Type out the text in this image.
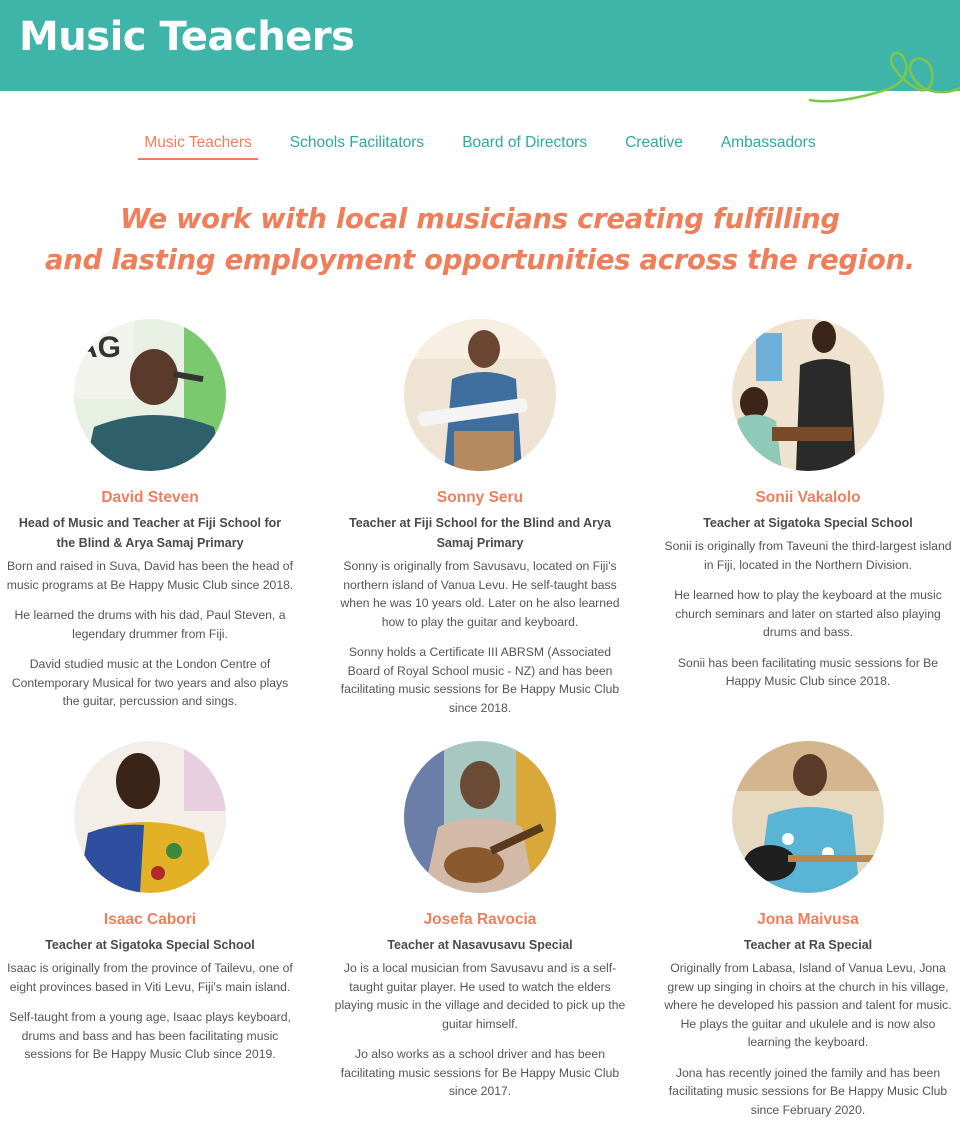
Music Teachers
Music Teachers	Schools Facilitators	Board of Directors	Creative	Ambassadors
We work with local musicians creating fulfilling
and lasting employment opportunities across the region.
AG
David Steven
Head of Music and Teacher at Fiji School for the Blind & Arya Samaj Primary
Born and raised in Suva, David has been the head of music programs at Be Happy Music Club since 2018.
He learned the drums with his dad, Paul Steven, a legendary drummer from Fiji.
David studied music at the London Centre of Contemporary Musical for two years and also plays the guitar, percussion and sings.
Sonny Seru
Teacher at Fiji School for the Blind and Arya Samaj Primary
Sonny is originally from Savusavu, located on Fiji's northern island of Vanua Levu. He self-taught bass when he was 10 years old. Later on he also learned how to play the guitar and keyboard.
Sonny holds a Certificate III ABRSM (Associated Board of Royal School music - NZ) and has been facilitating music sessions for Be Happy Music Club since 2018.
Sonii Vakalolo
Teacher at Sigatoka Special School
Sonii is originally from Taveuni the third-largest island in Fiji, located in the Northern Division.
He learned how to play the keyboard at the music church seminars and later on started also playing drums and bass.
Sonii has been facilitating music sessions for Be Happy Music Club since 2018.
Isaac Cabori
Teacher at Sigatoka Special School
Isaac is originally from the province of Tailevu, one of eight provinces based in Viti Levu, Fiji's main island.
Self-taught from a young age, Isaac plays keyboard, drums and bass and has been facilitating music sessions for Be Happy Music Club since 2019.
Josefa Ravocia
Teacher at Nasavusavu Special
Jo is a local musician from Savusavu and is a self-taught guitar player. He used to watch the elders playing music in the village and decided to pick up the guitar himself.
Jo also works as a school driver and has been facilitating music sessions for Be Happy Music Club since 2017.
Jona Maivusa
Teacher at Ra Special
Originally from Labasa, Island of Vanua Levu, Jona grew up singing in choirs at the church in his village, where he developed his passion and talent for music. He plays the guitar and ukulele and is now also learning the keyboard.
Jona has recently joined the family and has been facilitating music sessions for Be Happy Music Club since February 2020.
